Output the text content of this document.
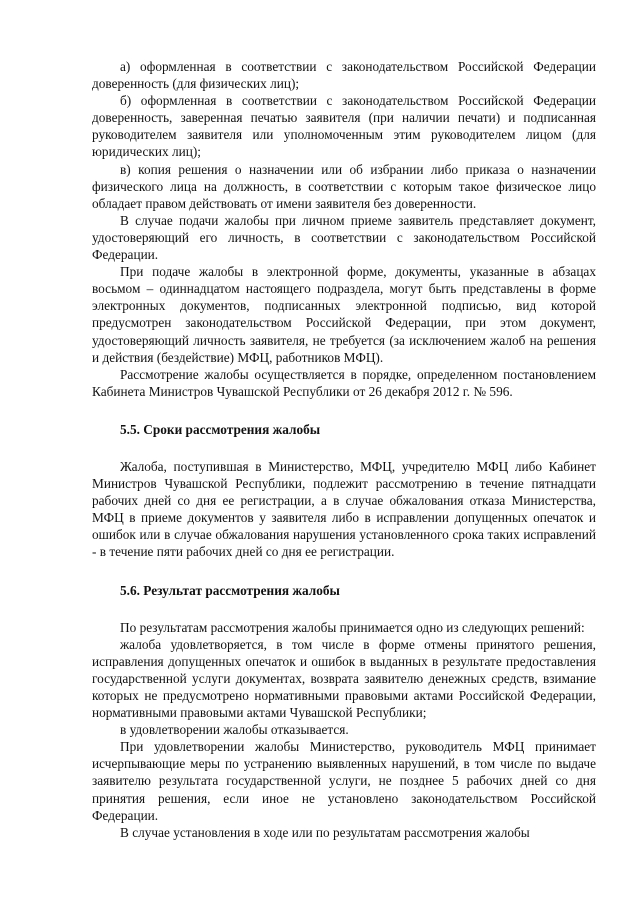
а) оформленная в соответствии с законодательством Российской Федерации доверенность (для физических лиц);

б) оформленная в соответствии с законодательством Российской Федерации доверенность, заверенная печатью заявителя (при наличии печати) и подписанная руководителем заявителя или уполномоченным этим руководителем лицом (для юридических лиц);

в) копия решения о назначении или об избрании либо приказа о назначении физического лица на должность, в соответствии с которым такое физическое лицо обладает правом действовать от имени заявителя без доверенности.

В случае подачи жалобы при личном приеме заявитель представляет документ, удостоверяющий его личность, в соответствии с законодательством Российской Федерации.

При подаче жалобы в электронной форме, документы, указанные в абзацах восьмом – одиннадцатом настоящего подраздела, могут быть представлены в форме электронных документов, подписанных электронной подписью, вид которой предусмотрен законодательством Российской Федерации, при этом документ, удостоверяющий личность заявителя, не требуется (за исключением жалоб на решения и действия (бездействие) МФЦ, работников МФЦ).

Рассмотрение жалобы осуществляется в порядке, определенном постановлением Кабинета Министров Чувашской Республики от 26 декабря 2012 г. № 596.

5.5. Сроки рассмотрения жалобы

Жалоба, поступившая в Министерство, МФЦ, учредителю МФЦ либо Кабинет Министров Чувашской Республики, подлежит рассмотрению в течение пятнадцати рабочих дней со дня ее регистрации, а в случае обжалования отказа Министерства, МФЦ в приеме документов у заявителя либо в исправлении допущенных опечаток и ошибок или в случае обжалования нарушения установленного срока таких исправлений - в течение пяти рабочих дней со дня ее регистрации.

5.6. Результат рассмотрения жалобы

По результатам рассмотрения жалобы принимается одно из следующих решений:

жалоба удовлетворяется, в том числе в форме отмены принятого решения, исправления допущенных опечаток и ошибок в выданных в результате предоставления государственной услуги документах, возврата заявителю денежных средств, взимание которых не предусмотрено нормативными правовыми актами Российской Федерации, нормативными правовыми актами Чувашской Республики;

в удовлетворении жалобы отказывается.

При удовлетворении жалобы Министерство, руководитель МФЦ принимает исчерпывающие меры по устранению выявленных нарушений, в том числе по выдаче заявителю результата государственной услуги, не позднее 5 рабочих дней со дня принятия решения, если иное не установлено законодательством Российской Федерации.

В случае установления в ходе или по результатам рассмотрения жалобы
